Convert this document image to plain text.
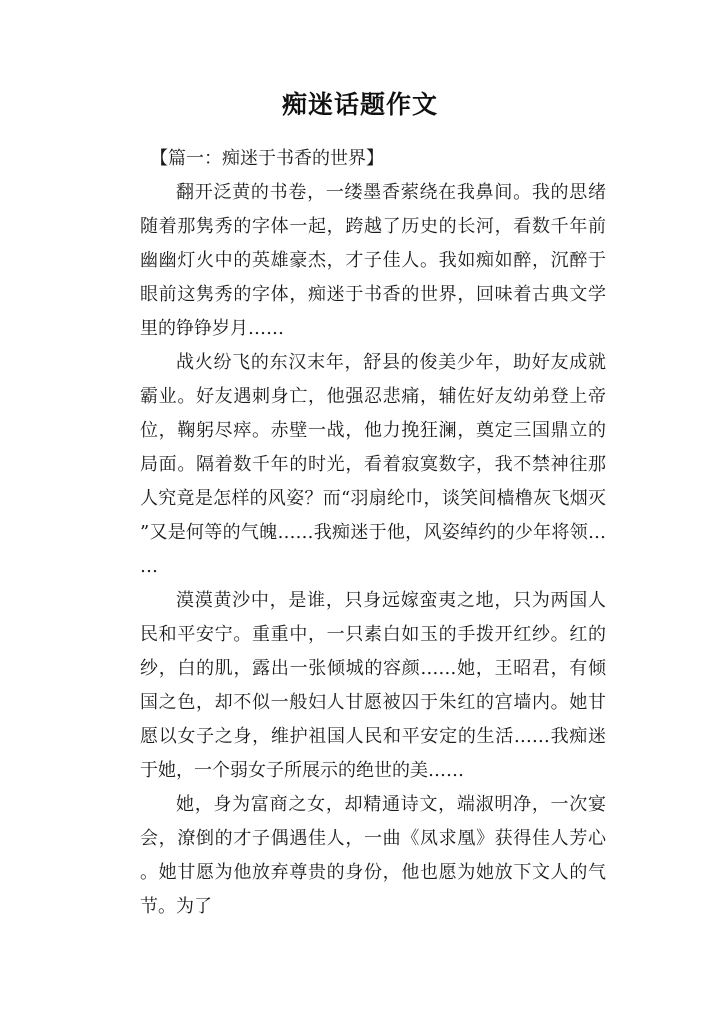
痴迷话题作文

【篇一：痴迷于书香的世界】

翻开泛黄的书卷，一缕墨香萦绕在我鼻间。我的思绪随着那隽秀的字体一起，跨越了历史的长河，看数千年前幽幽灯火中的英雄豪杰，才子佳人。我如痴如醉，沉醉于眼前这隽秀的字体，痴迷于书香的世界，回味着古典文学里的铮铮岁月……

战火纷飞的东汉末年，舒县的俊美少年，助好友成就霸业。好友遇刺身亡，他强忍悲痛，辅佐好友幼弟登上帝位，鞠躬尽瘁。赤壁一战，他力挽狂澜，奠定三国鼎立的局面。隔着数千年的时光，看着寂寞数字，我不禁神往那人究竟是怎样的风姿？而“羽扇纶巾，谈笑间樯橹灰飞烟灭”又是何等的气魄……我痴迷于他，风姿绰约的少年将领……

漠漠黄沙中，是谁，只身远嫁蛮夷之地，只为两国人民和平安宁。重重中，一只素白如玉的手拨开红纱。红的纱，白的肌，露出一张倾城的容颜……她，王昭君，有倾国之色，却不似一般妇人甘愿被囚于朱红的宫墙内。她甘愿以女子之身，维护祖国人民和平安定的生活……我痴迷于她，一个弱女子所展示的绝世的美……

她，身为富商之女，却精通诗文，端淑明净，一次宴会，潦倒的才子偶遇佳人，一曲《凤求凰》获得佳人芳心。她甘愿为他放弃尊贵的身份，他也愿为她放下文人的气节。为了
